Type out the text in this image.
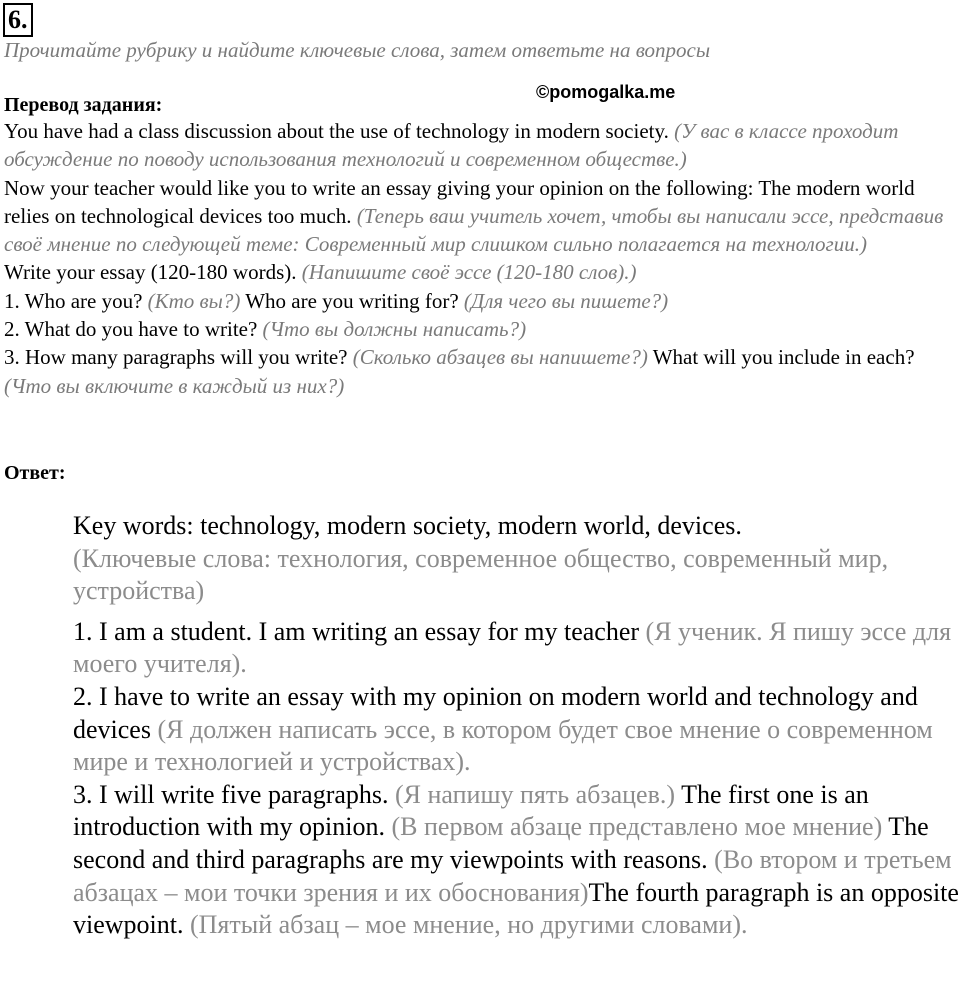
6.
Прочитайте рубрику и найдите ключевые слова, затем ответьте на вопросы
©pomogalka.me
Перевод задания:

You have had a class discussion about the use of technology in modern society. (У вас в классе проходит обсуждение по поводу использования технологий и современном обществе.)

Now your teacher would like you to write an essay giving your opinion on the following: The modern world relies on technological devices too much. (Теперь ваш учитель хочет, чтобы вы написали эссе, представив своё мнение по следующей теме: Современный мир слишком сильно полагается на технологии.)

Write your essay (120-180 words). (Напишите своё эссе (120-180 слов).)

1. Who are you? (Кто вы?) Who are you writing for? (Для чего вы пишете?)

2. What do you have to write? (Что вы должны написать?)

3. How many paragraphs will you write? (Сколько абзацев вы напишете?) What will you include in each? (Что вы включите в каждый из них?)

Ответ:

Key words: technology, modern society, modern world, devices.
(Ключевые слова: технология, современное общество, современный мир, устройства)

1. I am a student. I am writing an essay for my teacher (Я ученик. Я пишу эссе для моего учителя).

2. I have to write an essay with my opinion on modern world and technology and devices (Я должен написать эссе, в котором будет свое мнение о современном мире и технологией и устройствах).

3. I will write five paragraphs. (Я напишу пять абзацев.) The first one is an introduction with my opinion. (В первом абзаце представлено мое мнение) The second and third paragraphs are my viewpoints with reasons. (Во втором и третьем абзацах – мои точки зрения и их обоснования)The fourth paragraph is an opposite viewpoint. (Пятый абзац – мое мнение, но другими словами).
